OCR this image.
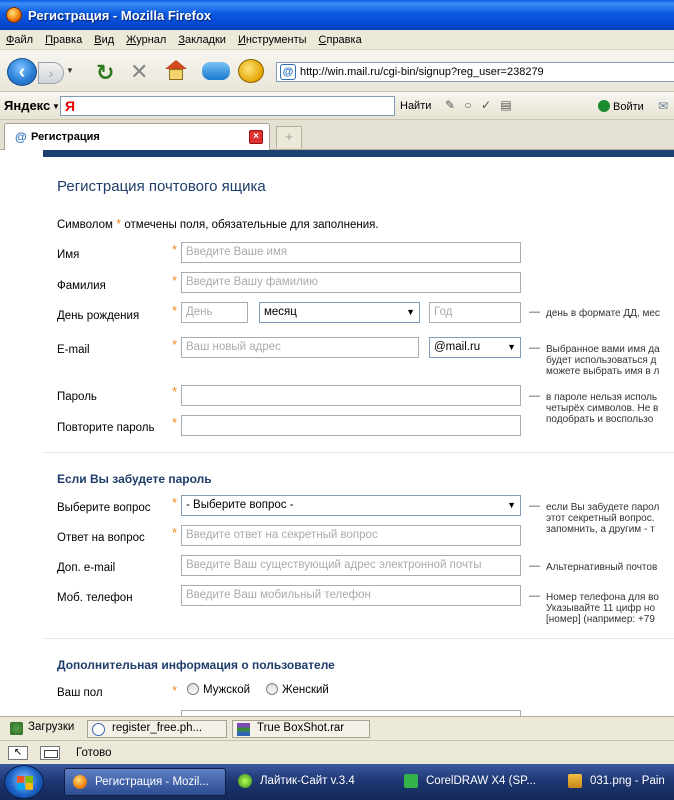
Регистрация - Mozilla Firefox
Файл	Правка	Вид	Журнал	Закладки	Инструменты	Справка
‹	›	▼ ↻ ✕	@ http://win.mail.ru/cgi-bin/signup?reg_user=238279
Яндекс ▼ Я	Найти ✎ ○ ✓ ▤	Войти ✉
@ Регистрация	×	+
Регистрация почтового ящика
Символом * отмечены поля, обязательные для заполнения.
Имя	* Введите Ваше имя
Фамилия	* Введите Вашу фамилию
День рождения	* День	месяц	▼	Год	— день в формате ДД, мес
E-mail	* Ваш новый адрес	@mail.ru	▼ — Выбранное вами имя да
будет использоваться д
можете выбрать имя в л
Пароль	*	— в пароле нельзя исполь
четырёх символов. Не в
подобрать и воспользо
Повторите пароль *
Если Вы забудете пароль
Выберите вопрос * - Выберите вопрос -	▼ — если Вы забудете парол
этот секретный вопрос.
запомнить, а другим - т
Ответ на вопрос * Введите ответ на секретный вопрос
Доп. e-mail	Введите Ваш существующий адрес электронной почты	— Альтернативный почтов
Моб. телефон	Введите Ваш мобильный телефон	— Номер телефона для во
Указывайте 11 цифр но
[номер] (например: +79
Дополнительная информация о пользователе
Ваш пол	*	Мужской	Женский
Загрузки	register_free.ph...	True BoxShot.rar
↖	Готово
Регистрация - Mozil...	Лайтик-Сайт v.3.4	CorelDRAW X4 (SP...	031.png - Pain
